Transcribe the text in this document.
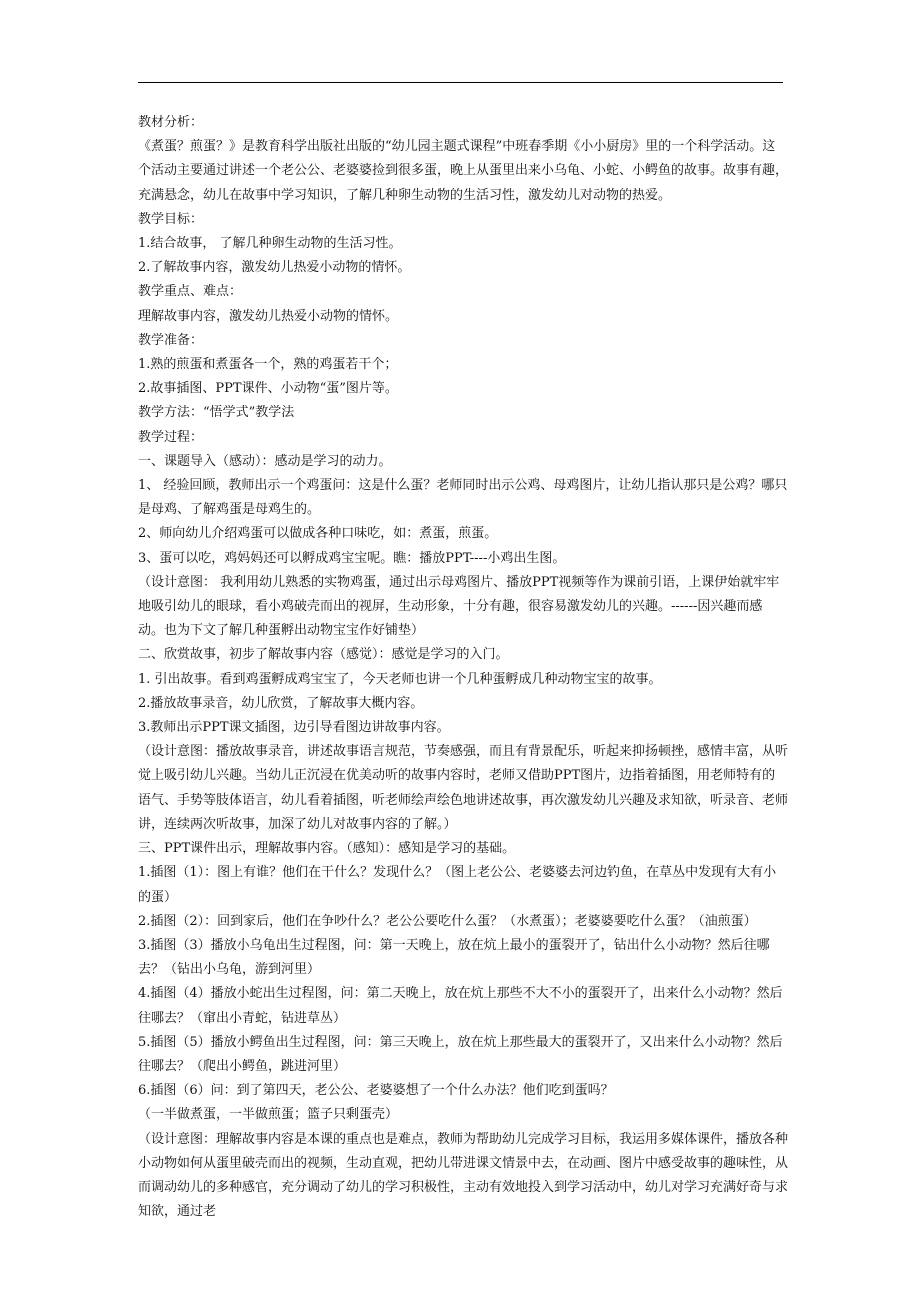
教材分析：

《煮蛋？煎蛋？》是教育科学出版社出版的“幼儿园主题式课程”中班春季期《小小厨房》里的一个科学活动。这个活动主要通过讲述一个老公公、老婆婆捡到很多蛋，晚上从蛋里出来小乌龟、小蛇、小鳄鱼的故事。故事有趣，充满悬念，幼儿在故事中学习知识，了解几种卵生动物的生活习性，激发幼儿对动物的热爱。

教学目标：

1.结合故事， 了解几种卵生动物的生活习性。

2.了解故事内容，激发幼儿热爱小动物的情怀。

教学重点、难点：

理解故事内容，激发幼儿热爱小动物的情怀。

教学准备：

1.熟的煎蛋和煮蛋各一个，熟的鸡蛋若干个；

2.故事插图、PPT课件、小动物“蛋”图片等。

教学方法：“悟学式”教学法

教学过程：

一、课题导入（感动）：感动是学习的动力。

1、 经验回顾，教师出示一个鸡蛋问：这是什么蛋？老师同时出示公鸡、母鸡图片，让幼儿指认那只是公鸡？哪只是母鸡、了解鸡蛋是母鸡生的。

2、师向幼儿介绍鸡蛋可以做成各种口味吃，如：煮蛋，煎蛋。

3、蛋可以吃，鸡妈妈还可以孵成鸡宝宝呢。瞧：播放PPT----小鸡出生图。

（设计意图： 我利用幼儿熟悉的实物鸡蛋，通过出示母鸡图片、播放PPT视频等作为课前引语，上课伊始就牢牢地吸引幼儿的眼球，看小鸡破壳而出的视屏，生动形象，十分有趣，很容易激发幼儿的兴趣。------因兴趣而感动。也为下文了解几种蛋孵出动物宝宝作好铺垫）

二、欣赏故事，初步了解故事内容（感觉）：感觉是学习的入门。

1. 引出故事。看到鸡蛋孵成鸡宝宝了，今天老师也讲一个几种蛋孵成几种动物宝宝的故事。

2.播放故事录音，幼儿欣赏，了解故事大概内容。

3.教师出示PPT课文插图，边引导看图边讲故事内容。

（设计意图：播放故事录音，讲述故事语言规范，节奏感强，而且有背景配乐，听起来抑扬顿挫，感情丰富，从听觉上吸引幼儿兴趣。当幼儿正沉浸在优美动听的故事内容时，老师又借助PPT图片，边指着插图，用老师特有的语气、手势等肢体语言，幼儿看着插图，听老师绘声绘色地讲述故事，再次激发幼儿兴趣及求知欲，听录音、老师讲，连续两次听故事，加深了幼儿对故事内容的了解。）

三、PPT课件出示，理解故事内容。（感知）：感知是学习的基础。

1.插图（1）：图上有谁？他们在干什么？发现什么？（图上老公公、老婆婆去河边钓鱼，在草丛中发现有大有小的蛋）

2.插图（2）：回到家后，他们在争吵什么？老公公要吃什么蛋？（水煮蛋）；老婆婆要吃什么蛋？（油煎蛋）

3.插图（3）播放小乌龟出生过程图，问：第一天晚上，放在炕上最小的蛋裂开了，钻出什么小动物？然后往哪去？（钻出小乌龟，游到河里）

4.插图（4）播放小蛇出生过程图，问：第二天晚上，放在炕上那些不大不小的蛋裂开了，出来什么小动物？然后往哪去？（窜出小青蛇，钻进草丛）

5.插图（5）播放小鳄鱼出生过程图，问：第三天晚上，放在炕上那些最大的蛋裂开了，又出来什么小动物？然后往哪去？（爬出小鳄鱼，跳进河里）

6.插图（6）问：到了第四天，老公公、老婆婆想了一个什么办法？他们吃到蛋吗？

（一半做煮蛋，一半做煎蛋；篮子只剩蛋壳）

（设计意图：理解故事内容是本课的重点也是难点，教师为帮助幼儿完成学习目标，我运用多媒体课件，播放各种小动物如何从蛋里破壳而出的视频，生动直观，把幼儿带进课文情景中去，在动画、图片中感受故事的趣味性，从而调动幼儿的多种感官，充分调动了幼儿的学习积极性，主动有效地投入到学习活动中，幼儿对学习充满好奇与求知欲，通过老
